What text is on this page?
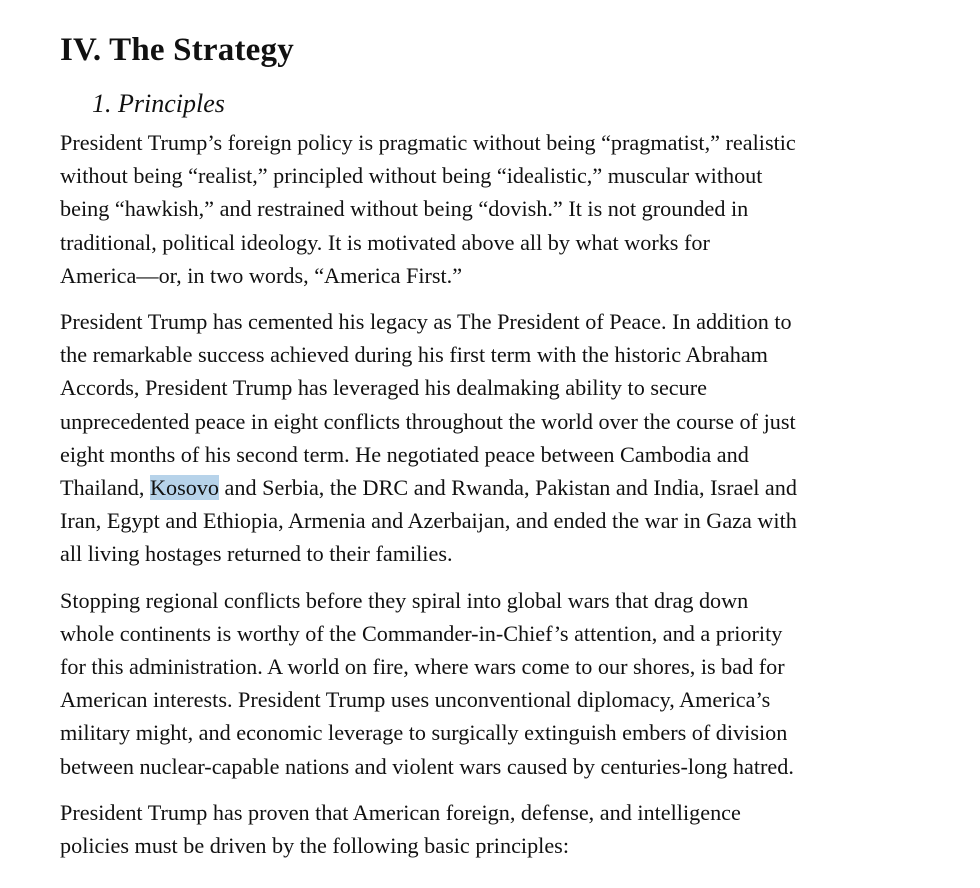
IV. The Strategy
1. Principles

President Trump’s foreign policy is pragmatic without being “pragmatist,” realistic
without being “realist,” principled without being “idealistic,” muscular without
being “hawkish,” and restrained without being “dovish.” It is not grounded in
traditional, political ideology. It is motivated above all by what works for
America—or, in two words, “America First.”

President Trump has cemented his legacy as The President of Peace. In addition to
the remarkable success achieved during his first term with the historic Abraham
Accords, President Trump has leveraged his dealmaking ability to secure
unprecedented peace in eight conflicts throughout the world over the course of just
eight months of his second term. He negotiated peace between Cambodia and
Thailand, Kosovo and Serbia, the DRC and Rwanda, Pakistan and India, Israel and
Iran, Egypt and Ethiopia, Armenia and Azerbaijan, and ended the war in Gaza with
all living hostages returned to their families.

Stopping regional conflicts before they spiral into global wars that drag down
whole continents is worthy of the Commander-in-Chief’s attention, and a priority
for this administration. A world on fire, where wars come to our shores, is bad for
American interests. President Trump uses unconventional diplomacy, America’s
military might, and economic leverage to surgically extinguish embers of division
between nuclear-capable nations and violent wars caused by centuries-long hatred.

President Trump has proven that American foreign, defense, and intelligence
policies must be driven by the following basic principles:
